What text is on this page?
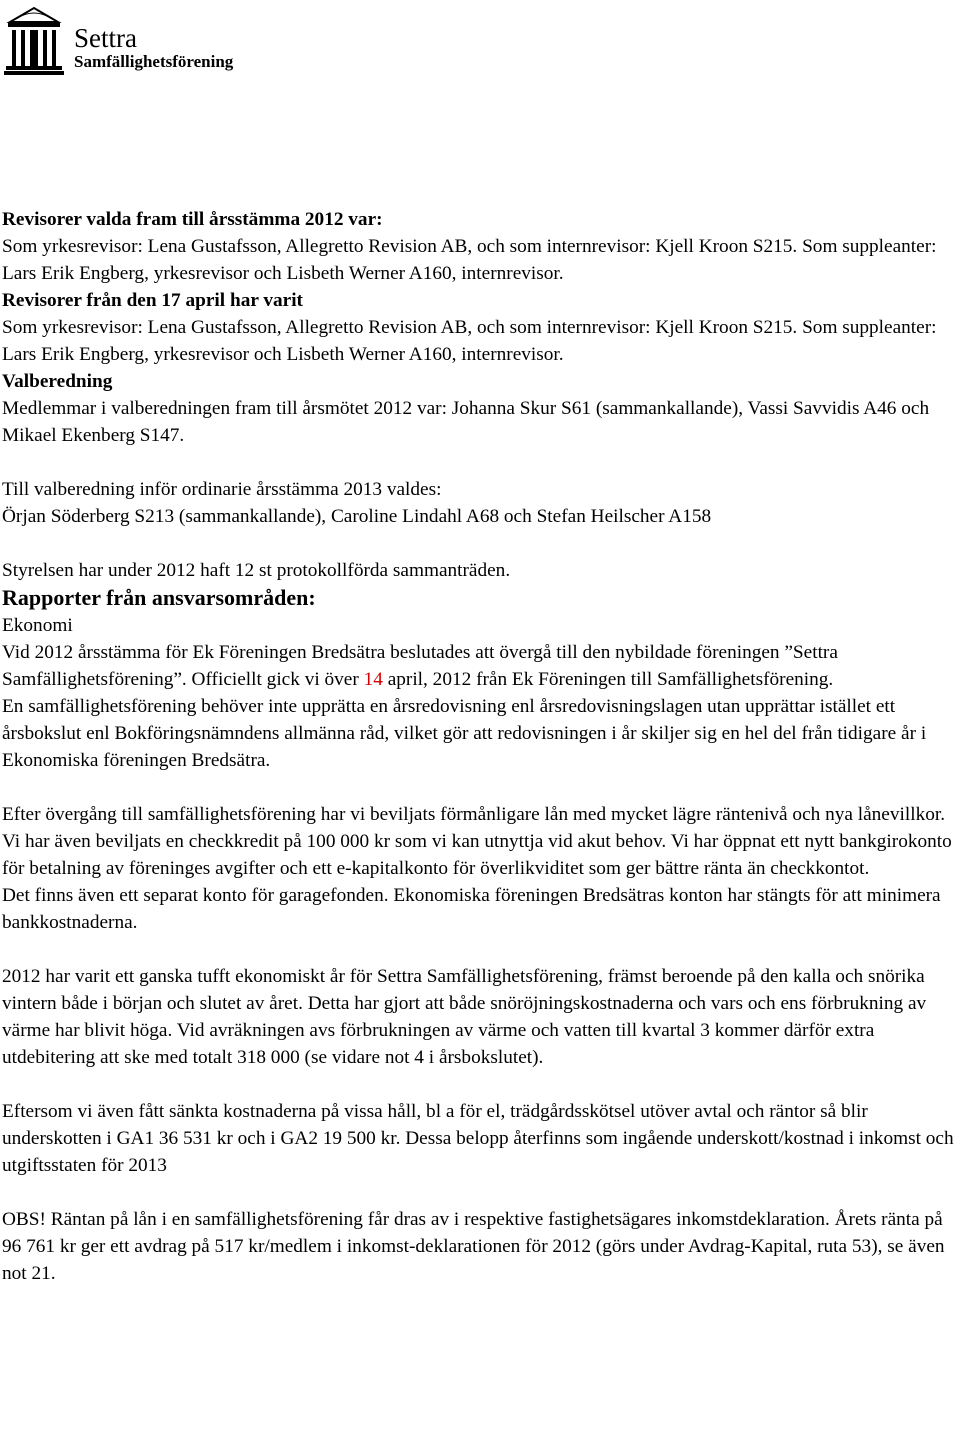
Settra
Samfällighetsförening

Revisorer valda fram till årsstämma 2012 var:

Som yrkesrevisor: Lena Gustafsson, Allegretto Revision AB, och som internrevisor: Kjell Kroon S215. Som suppleanter: Lars Erik Engberg, yrkesrevisor och Lisbeth Werner A160, internrevisor.

Revisorer från den 17 april har varit

Som yrkesrevisor: Lena Gustafsson, Allegretto Revision AB, och som internrevisor: Kjell Kroon S215. Som suppleanter: Lars Erik Engberg, yrkesrevisor och Lisbeth Werner A160, internrevisor.

Valberedning

Medlemmar i valberedningen fram till årsmötet 2012 var: Johanna Skur S61 (sammankallande), Vassi Savvidis A46 och Mikael Ekenberg S147.

Till valberedning inför ordinarie årsstämma 2013 valdes:

Örjan Söderberg S213 (sammankallande), Caroline Lindahl A68 och Stefan Heilscher A158

Styrelsen har under 2012 haft 12 st protokollförda sammanträden.

Rapporter från ansvarsområden:

Ekonomi

Vid 2012 årsstämma för Ek Föreningen Bredsätra beslutades att övergå till den nybildade föreningen ”Settra Samfällighetsförening”. Officiellt gick vi över 14 april, 2012 från Ek Föreningen till Samfällighetsförening.

En samfällighetsförening behöver inte upprätta en årsredovisning enl årsredovisningslagen utan upprättar istället ett årsbokslut enl Bokföringsnämndens allmänna råd, vilket gör att redovisningen i år skiljer sig en hel del från tidigare år i Ekonomiska föreningen Bredsätra.

Efter övergång till samfällighetsförening har vi beviljats förmånligare lån med mycket lägre räntenivå och nya lånevillkor. Vi har även beviljats en checkkredit på 100 000 kr som vi kan utnyttja vid akut behov. Vi har öppnat ett nytt bankgirokonto för betalning av föreninges avgifter och ett e-kapitalkonto för överlikviditet som ger bättre ränta än checkkontot.

Det finns även ett separat konto för garagefonden. Ekonomiska föreningen Bredsätras konton har stängts för att minimera bankkostnaderna.

2012 har varit ett ganska tufft ekonomiskt år för Settra Samfällighetsförening, främst beroende på den kalla och snörika vintern både i början och slutet av året. Detta har gjort att både snöröjningskostnaderna och vars och ens förbrukning av värme har blivit höga. Vid avräkningen avs förbrukningen av värme och vatten till kvartal 3 kommer därför extra utdebitering att ske med totalt 318 000 (se vidare not 4 i årsbokslutet).

Eftersom vi även fått sänkta kostnaderna på vissa håll, bl a för el, trädgårdsskötsel utöver avtal och räntor så blir underskotten i GA1 36 531 kr och i GA2 19 500 kr. Dessa belopp återfinns som ingående underskott/kostnad i inkomst och utgiftsstaten för 2013

OBS! Räntan på lån i en samfällighetsförening får dras av i respektive fastighetsägares inkomstdeklaration. Årets ränta på 96 761 kr ger ett avdrag på 517 kr/medlem i inkomst-deklarationen för 2012 (görs under Avdrag-Kapital, ruta 53), se även not 21.
